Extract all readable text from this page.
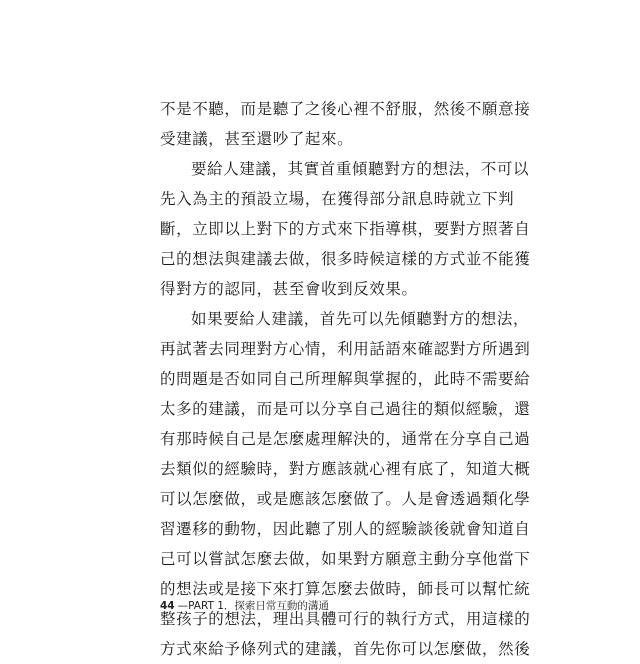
不是不聽，而是聽了之後心裡不舒服，然後不願意接
受建議，甚至還吵了起來。
要給人建議，其實首重傾聽對方的想法，不可以
先入為主的預設立場，在獲得部分訊息時就立下判
斷，立即以上對下的方式來下指導棋，要對方照著自
己的想法與建議去做，很多時候這樣的方式並不能獲
得對方的認同，甚至會收到反效果。
如果要給人建議，首先可以先傾聽對方的想法，
再試著去同理對方心情，利用話語來確認對方所遇到
的問題是否如同自己所理解與掌握的，此時不需要給
太多的建議，而是可以分享自己過往的類似經驗，還
有那時候自己是怎麼處理解決的，通常在分享自己過
去類似的經驗時，對方應該就心裡有底了，知道大概
可以怎麼做，或是應該怎麼做了。人是會透過類化學
習遷移的動物，因此聽了別人的經驗談後就會知道自
己可以嘗試怎麼去做，如果對方願意主動分享他當下
的想法或是接下來打算怎麼去做時，師長可以幫忙統
整孩子的想法，理出具體可行的執行方式，用這樣的
方式來給予條列式的建議，首先你可以怎麼做，然後
44 —PART 1．探索日常互動的溝通
